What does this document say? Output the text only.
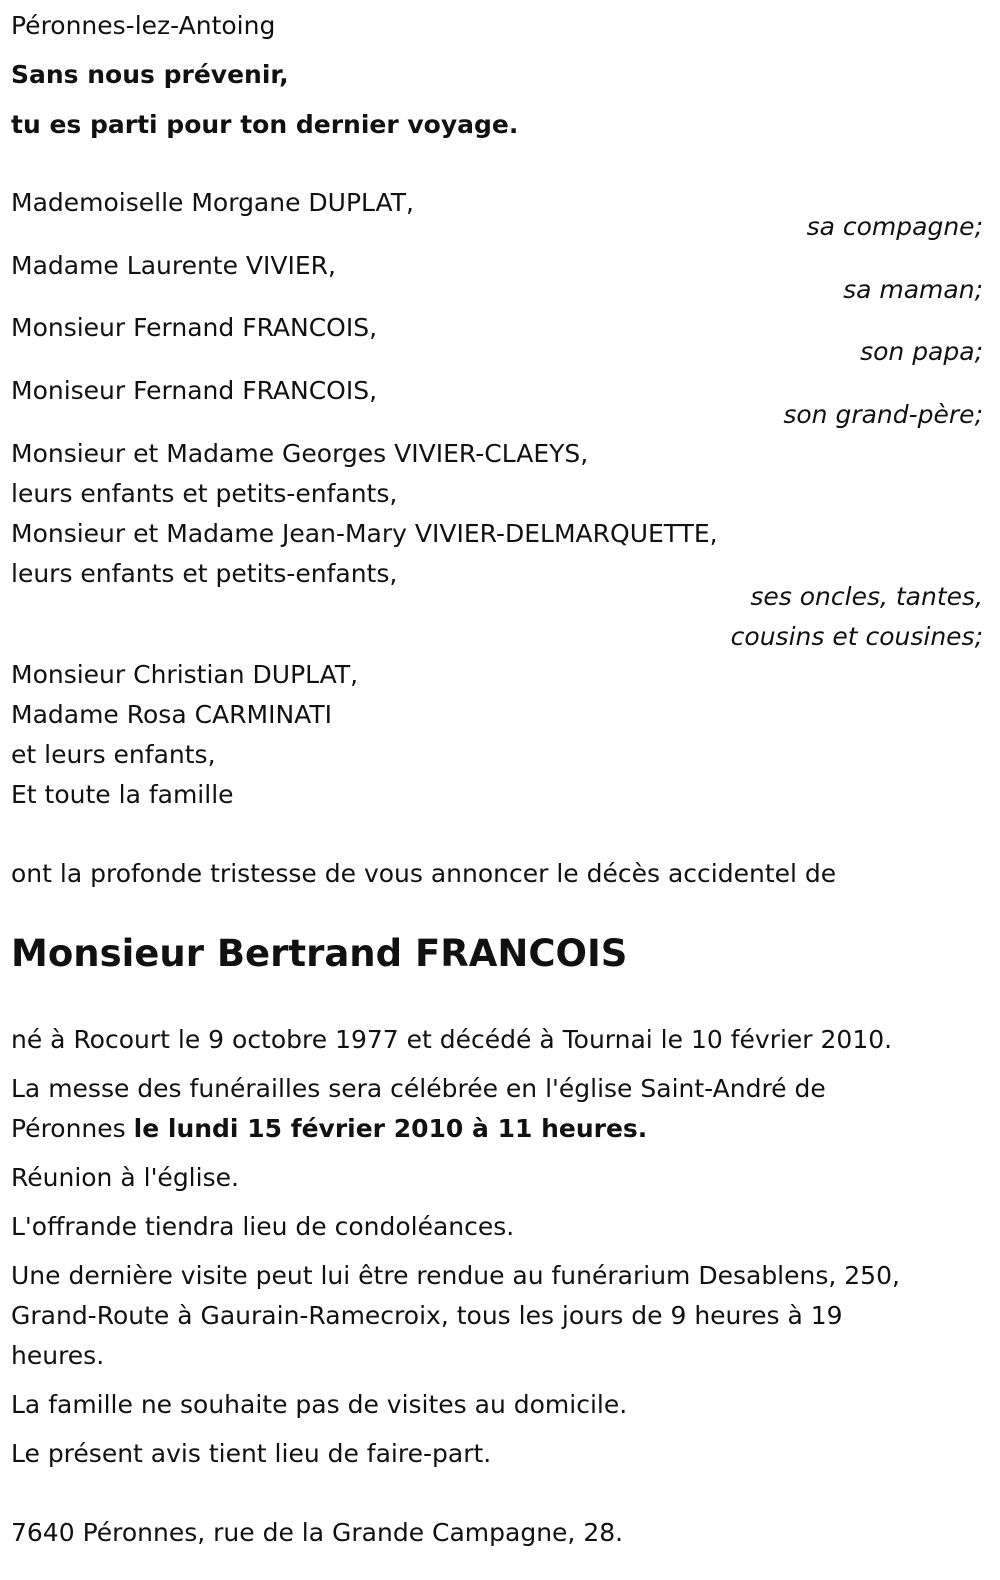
Péronnes-lez-Antoing
Sans nous prévenir,
tu es parti pour ton dernier voyage.
Mademoiselle Morgane DUPLAT,
sa compagne;
Madame Laurente VIVIER,
sa maman;
Monsieur Fernand FRANCOIS,
son papa;
Moniseur Fernand FRANCOIS,
son grand-père;
Monsieur et Madame Georges VIVIER-CLAEYS,
leurs enfants et petits-enfants,
Monsieur et Madame Jean-Mary VIVIER-DELMARQUETTE,
leurs enfants et petits-enfants,
ses oncles, tantes,
cousins et cousines;
Monsieur Christian DUPLAT,
Madame Rosa CARMINATI
et leurs enfants,
Et toute la famille
ont la profonde tristesse de vous annoncer le décès accidentel de
Monsieur Bertrand FRANCOIS
né à Rocourt le 9 octobre 1977 et décédé à Tournai le 10 février 2010.
La messe des funérailles sera célébrée en l'église Saint-André de
Péronnes le lundi 15 février 2010 à 11 heures.
Réunion à l'église.
L'offrande tiendra lieu de condoléances.
Une dernière visite peut lui être rendue au funérarium Desablens, 250,
Grand-Route à Gaurain-Ramecroix, tous les jours de 9 heures à 19
heures.
La famille ne souhaite pas de visites au domicile.
Le présent avis tient lieu de faire-part.
7640 Péronnes, rue de la Grande Campagne, 28.
